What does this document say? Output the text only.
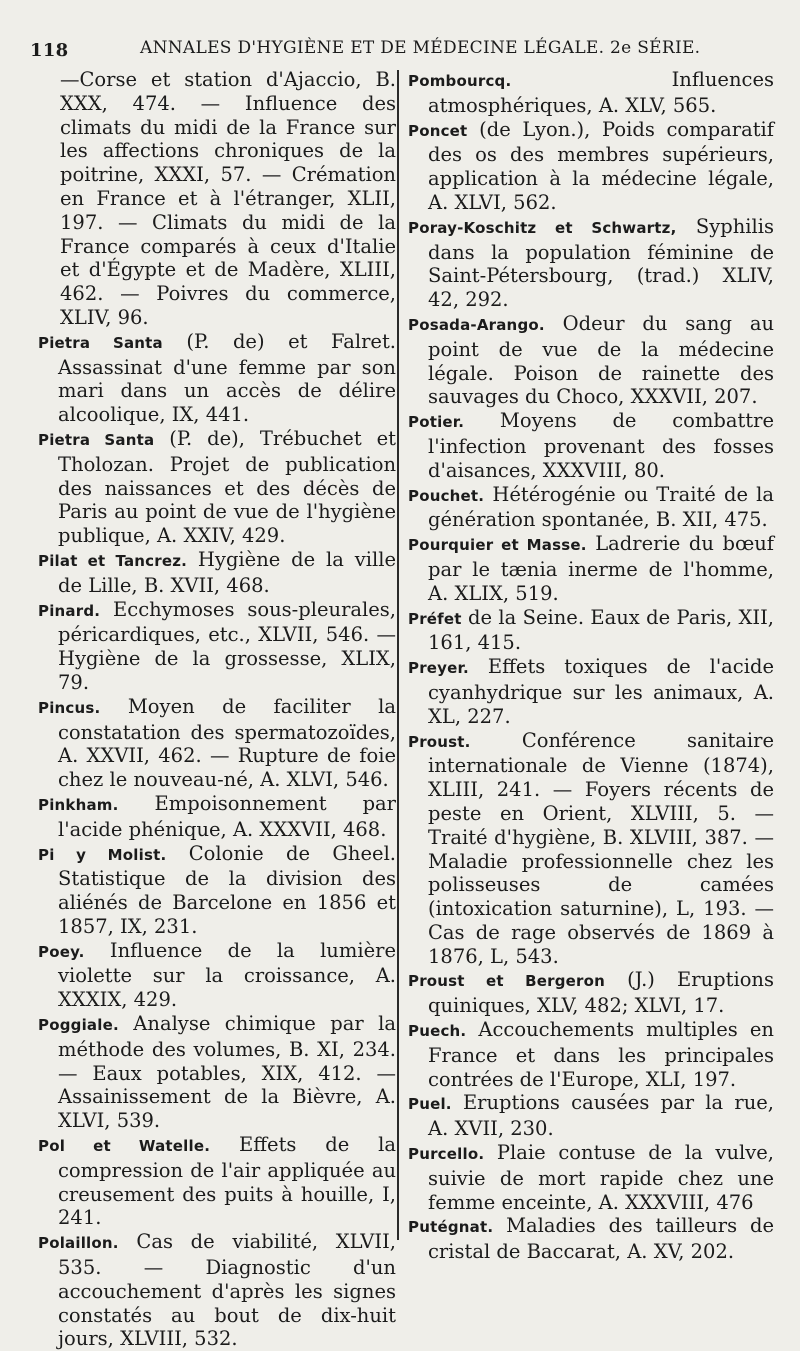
118	ANNALES D'HYGIÈNE ET DE MÉDECINE LÉGALE. 2e SÉRIE.

—Corse et station d'Ajaccio, B. XXX, 474. — Influence des climats du midi de la France sur les affections chroniques de la poitrine, XXXI, 57. — Crémation en France et à l'étranger, XLII, 197. — Climats du midi de la France comparés à ceux d'Italie et d'Égypte et de Madère, XLIII, 462. — Poivres du commerce, XLIV, 96.

Pietra Santa (P. de) et Falret. Assassinat d'une femme par son mari dans un accès de délire alcoolique, IX, 441.

Pietra Santa (P. de), Trébuchet et Tholozan. Projet de publication des naissances et des décès de Paris au point de vue de l'hygiène publique, A. XXIV, 429.

Pilat et Tancrez. Hygiène de la ville de Lille, B. XVII, 468.

Pinard. Ecchymoses sous-pleurales, péricardiques, etc., XLVII, 546. — Hygiène de la grossesse, XLIX, 79.

Pincus. Moyen de faciliter la constatation des spermatozoïdes, A. XXVII, 462. — Rupture de foie chez le nouveau-né, A. XLVI, 546.

Pinkham. Empoisonnement par l'acide phénique, A. XXXVII, 468.

Pi y Molist. Colonie de Gheel. Statistique de la division des aliénés de Barcelone en 1856 et 1857, IX, 231.

Poey. Influence de la lumière violette sur la croissance, A. XXXIX, 429.

Poggiale. Analyse chimique par la méthode des volumes, B. XI, 234. — Eaux potables, XIX, 412. — Assainissement de la Bièvre, A. XLVI, 539.

Pol et Watelle. Effets de la compression de l'air appliquée au creusement des puits à houille, I, 241.

Polaillon. Cas de viabilité, XLVII, 535. — Diagnostic d'un accouchement d'après les signes constatés au bout de dix-huit jours, XLVIII, 532.

Pombourcq.	Influences atmosphériques, A. XLV, 565.

Poncet (de Lyon.), Poids comparatif des os des membres supérieurs, application à la médecine légale, A. XLVI, 562.

Poray-Koschitz et Schwartz, Syphilis dans la population féminine de Saint-Pétersbourg, (trad.) XLIV, 42, 292.

Posada-Arango. Odeur du sang au point de vue de la médecine légale. Poison de rainette des sauvages du Choco, XXXVII, 207.

Potier. Moyens de combattre l'infection provenant des fosses d'aisances, XXXVIII, 80.

Pouchet. Hétérogénie ou Traité de la génération spontanée, B. XII, 475.

Pourquier et Masse. Ladrerie du bœuf par le tænia inerme de l'homme, A. XLIX, 519.

Préfet de la Seine. Eaux de Paris, XII, 161, 415.

Preyer. Effets toxiques de l'acide cyanhydrique sur les animaux, A. XL, 227.

Proust.	Conférence sanitaire internationale de Vienne (1874), XLIII, 241. — Foyers récents de peste en Orient, XLVIII, 5. — Traité d'hygiène, B. XLVIII, 387. — Maladie professionnelle chez les polisseuses de camées (intoxication saturnine), L, 193. — Cas de rage observés de 1869 à 1876, L, 543.

Proust et Bergeron (J.) Eruptions quiniques, XLV, 482; XLVI, 17.

Puech. Accouchements multiples en France et dans les principales contrées de l'Europe, XLI, 197.

Puel. Eruptions causées par la rue, A. XVII, 230.

Purcello. Plaie contuse de la vulve, suivie de mort rapide chez une femme enceinte, A. XXXVIII, 476

Putégnat. Maladies des tailleurs de cristal de Baccarat, A. XV, 202.
